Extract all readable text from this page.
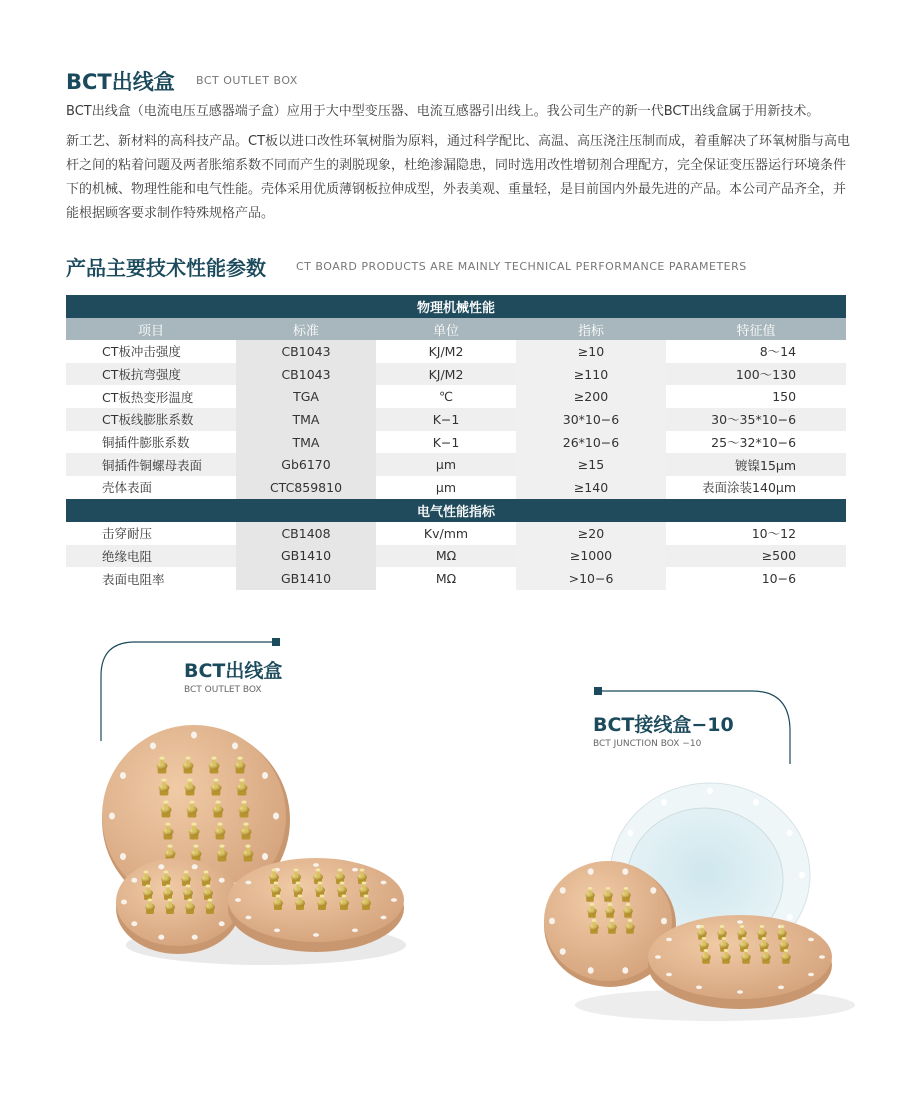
BCT出线盒 BCT OUTLET BOX

BCT出线盒（电流电压互感器端子盒）应用于大中型变压器、电流互感器引出线上。我公司生产的新一代BCT出线盒属于用新技术。

新工艺、新材料的高科技产品。CT板以进口改性环氧树脂为原料，通过科学配比、高温、高压浇注压制而成，着重解决了环氧树脂与高电杆之间的粘着问题及两者胀缩系数不同而产生的剥脱现象，杜绝渗漏隐患，同时选用改性增韧剂合理配方，完全保证变压器运行环境条件下的机械、物理性能和电气性能。壳体采用优质薄钢板拉伸成型，外表美观、重量轻，是目前国内外最先进的产品。本公司产品齐全，并能根据顾客要求制作特殊规格产品。

产品主要技术性能参数	CT BOARD PRODUCTS ARE MAINLY TECHNICAL PERFORMANCE PARAMETERS
物理机械性能				
项目	标准	单位	指标	特征值
CT板冲击强度	CB1043	KJ/M2	≥10	8～14
CT板抗弯强度	CB1043	KJ/M2	≥110	100～130
CT板热变形温度	TGA	℃	≥200	150
CT板线膨胀系数	TMA	K−1	30*10−6	30～35*10−6
铜插件膨胀系数	TMA	K−1	26*10−6	25～32*10−6
铜插件铜螺母表面	Gb6170	μm	≥15	镀镍15μm
壳体表面	CTC859810	μm	≥140	表面涂装140μm
电气性能指标				
击穿耐压	CB1408	Kv/mm	≥20	10～12
绝缘电阻	GB1410	MΩ	≥1000	≥500
表面电阻率	GB1410	MΩ	>10−6	10−6
BCT出线盒
BCT OUTLET BOX
BCT接线盒−10
BCT JUNCTION BOX −10
